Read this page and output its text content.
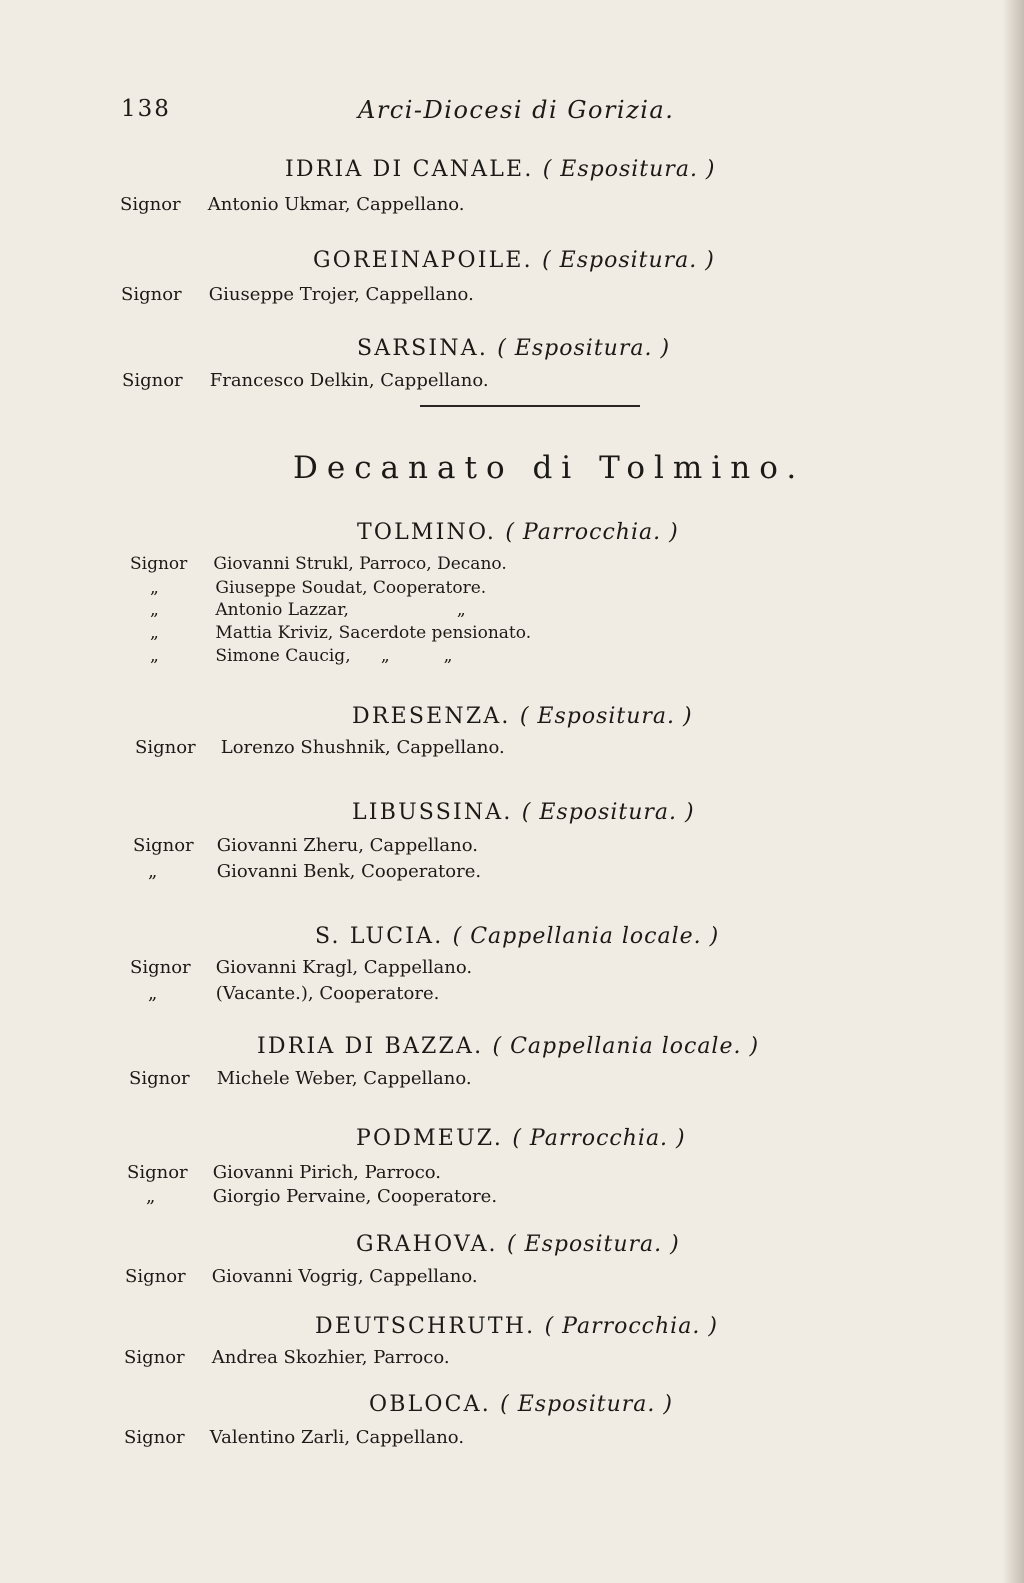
138	Arci-Diocesi di Gorizia.
IDRIA DI CANALE. ( Espositura. )
Signor Antonio Ukmar, Cappellano.
GOREINAPOILE. ( Espositura. )
Signor Giuseppe Trojer, Cappellano.
SARSINA. ( Espositura. )
Signor Francesco Delkin, Cappellano.
Decanato di Tolmino.
TOLMINO. ( Parrocchia. )
Signor Giovanni Strukl, Parroco, Decano.
„	Giuseppe Soudat, Cooperatore.
„	Antonio Lazzar,	„
„	Mattia Kriviz, Sacerdote pensionato.
„	Simone Caucig, „          „
DRESENZA. ( Espositura. )
Signor Lorenzo Shushnik, Cappellano.
LIBUSSINA. ( Espositura. )
Signor Giovanni Zheru, Cappellano.
„	Giovanni Benk, Cooperatore.
S. LUCIA. ( Cappellania locale. )
Signor Giovanni Kragl, Cappellano.
„	(Vacante.), Cooperatore.
IDRIA DI BAZZA. ( Cappellania locale. )
Signor Michele Weber, Cappellano.
PODMEUZ. ( Parrocchia. )
Signor Giovanni Pirich, Parroco.
„	Giorgio Pervaine, Cooperatore.
GRAHOVA. ( Espositura. )
Signor Giovanni Vogrig, Cappellano.
DEUTSCHRUTH. ( Parrocchia. )
Signor Andrea Skozhier, Parroco.
OBLOCA. ( Espositura. )
Signor Valentino Zarli, Cappellano.
